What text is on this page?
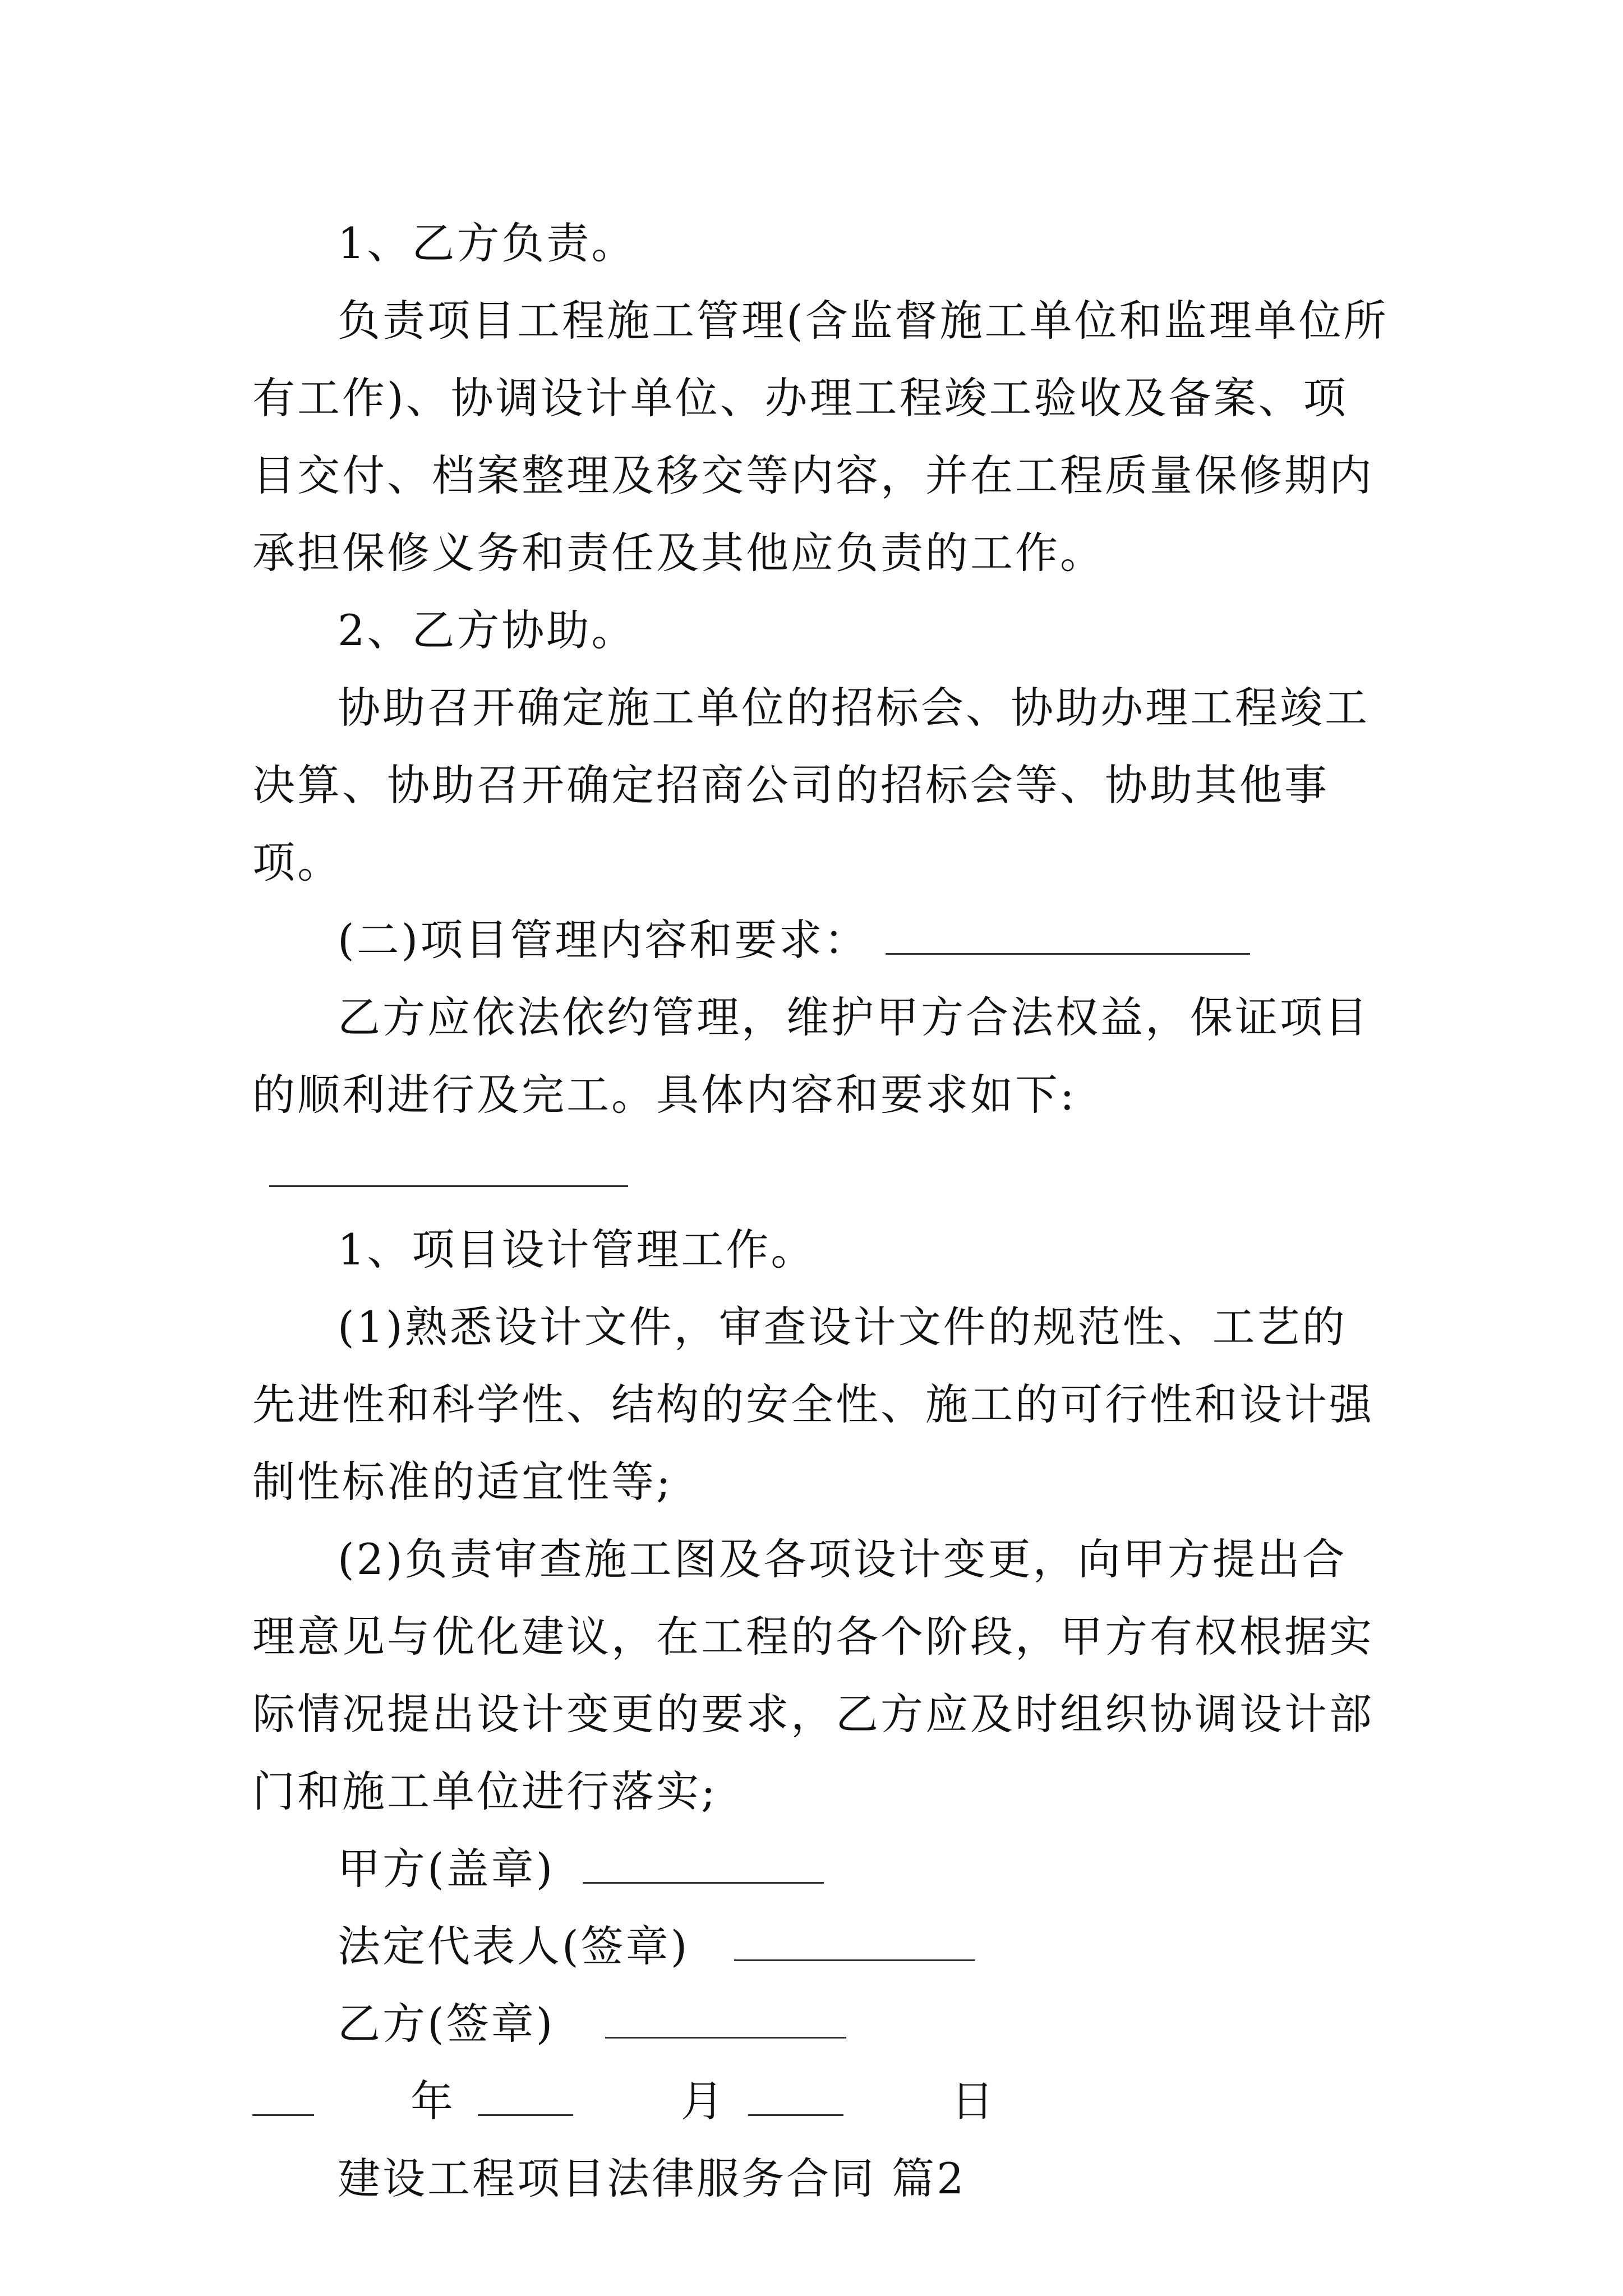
1、乙方负责。

负责项目工程施工管理(含监督施工单位和监理单位所有工作)、协调设计单位、办理工程竣工验收及备案、项目交付、档案整理及移交等内容，并在工程质量保修期内承担保修义务和责任及其他应负责的工作。

2、乙方协助。

协助召开确定施工单位的招标会、协助办理工程竣工决算、协助召开确定招商公司的招标会等、协助其他事项。

(二)项目管理内容和要求：

乙方应依法依约管理，维护甲方合法权益，保证项目的顺利进行及完工。具体内容和要求如下:

1、项目设计管理工作。

(1)熟悉设计文件，审查设计文件的规范性、工艺的先进性和科学性、结构的安全性、施工的可行性和设计强制性标准的适宜性等;

(2)负责审查施工图及各项设计变更，向甲方提出合理意见与优化建议，在工程的各个阶段，甲方有权根据实际情况提出设计变更的要求，乙方应及时组织协调设计部门和施工单位进行落实;

甲方(盖章)

法定代表人(签章)

乙方(签章)

年	月	日

建设工程项目法律服务合同 篇2
